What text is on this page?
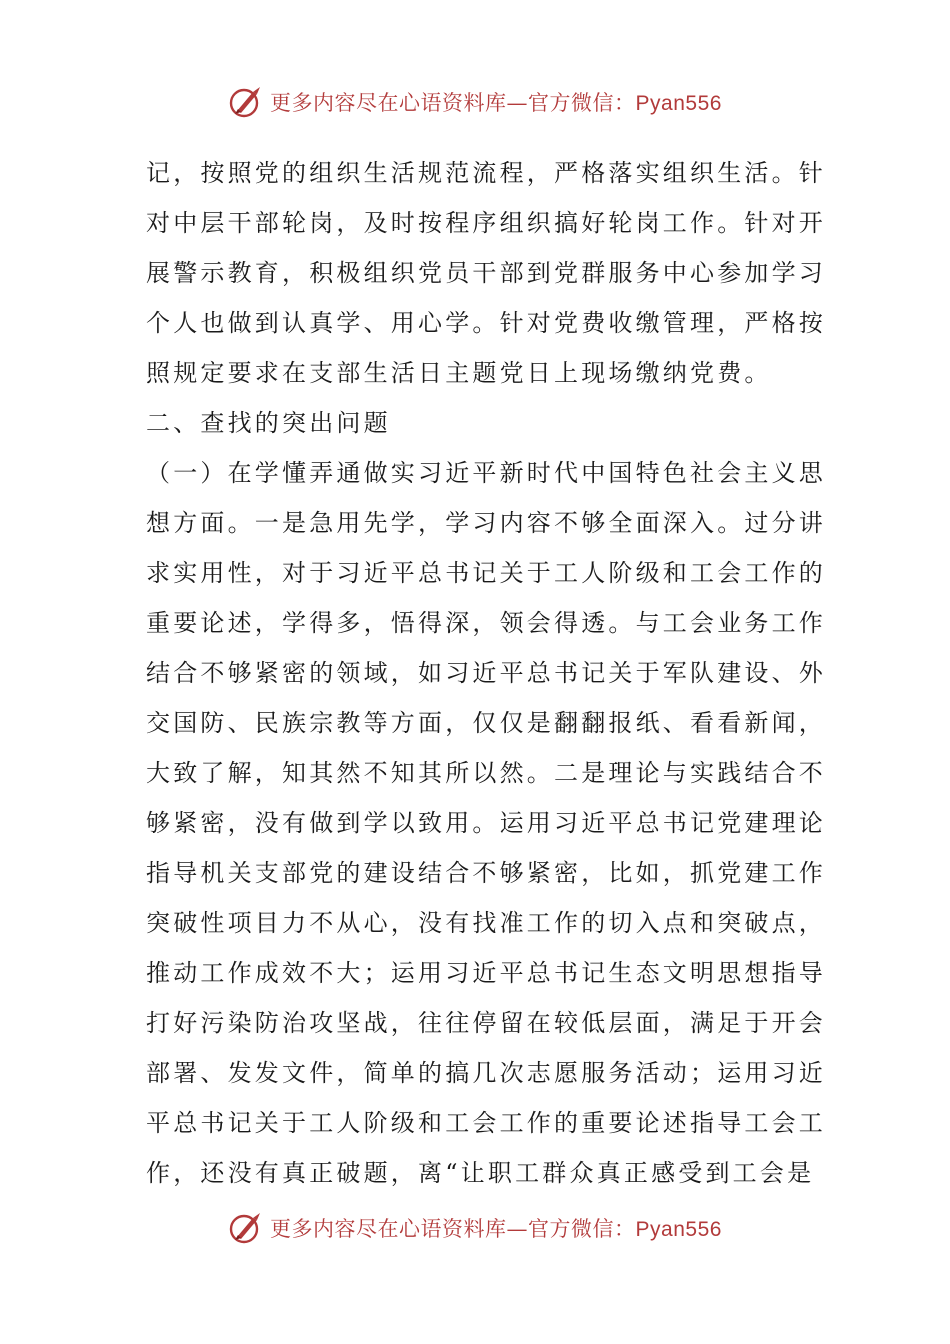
更多内容尽在心语资料库—官方微信：Pyan556
记，按照党的组织生活规范流程，严格落实组织生活。针
对中层干部轮岗，及时按程序组织搞好轮岗工作。针对开
展警示教育，积极组织党员干部到党群服务中心参加学习
个人也做到认真学、用心学。针对党费收缴管理，严格按
照规定要求在支部生活日主题党日上现场缴纳党费。
二、查找的突出问题
（一）在学懂弄通做实习近平新时代中国特色社会主义思
想方面。一是急用先学，学习内容不够全面深入。过分讲
求实用性，对于习近平总书记关于工人阶级和工会工作的
重要论述，学得多，悟得深，领会得透。与工会业务工作
结合不够紧密的领域，如习近平总书记关于军队建设、外
交国防、民族宗教等方面，仅仅是翻翻报纸、看看新闻，
大致了解，知其然不知其所以然。二是理论与实践结合不
够紧密，没有做到学以致用。运用习近平总书记党建理论
指导机关支部党的建设结合不够紧密，比如，抓党建工作
突破性项目力不从心，没有找准工作的切入点和突破点，
推动工作成效不大；运用习近平总书记生态文明思想指导
打好污染防治攻坚战，往往停留在较低层面，满足于开会
部署、发发文件，简单的搞几次志愿服务活动；运用习近
平总书记关于工人阶级和工会工作的重要论述指导工会工
作，还没有真正破题，离“让职工群众真正感受到工会是
更多内容尽在心语资料库—官方微信：Pyan556
